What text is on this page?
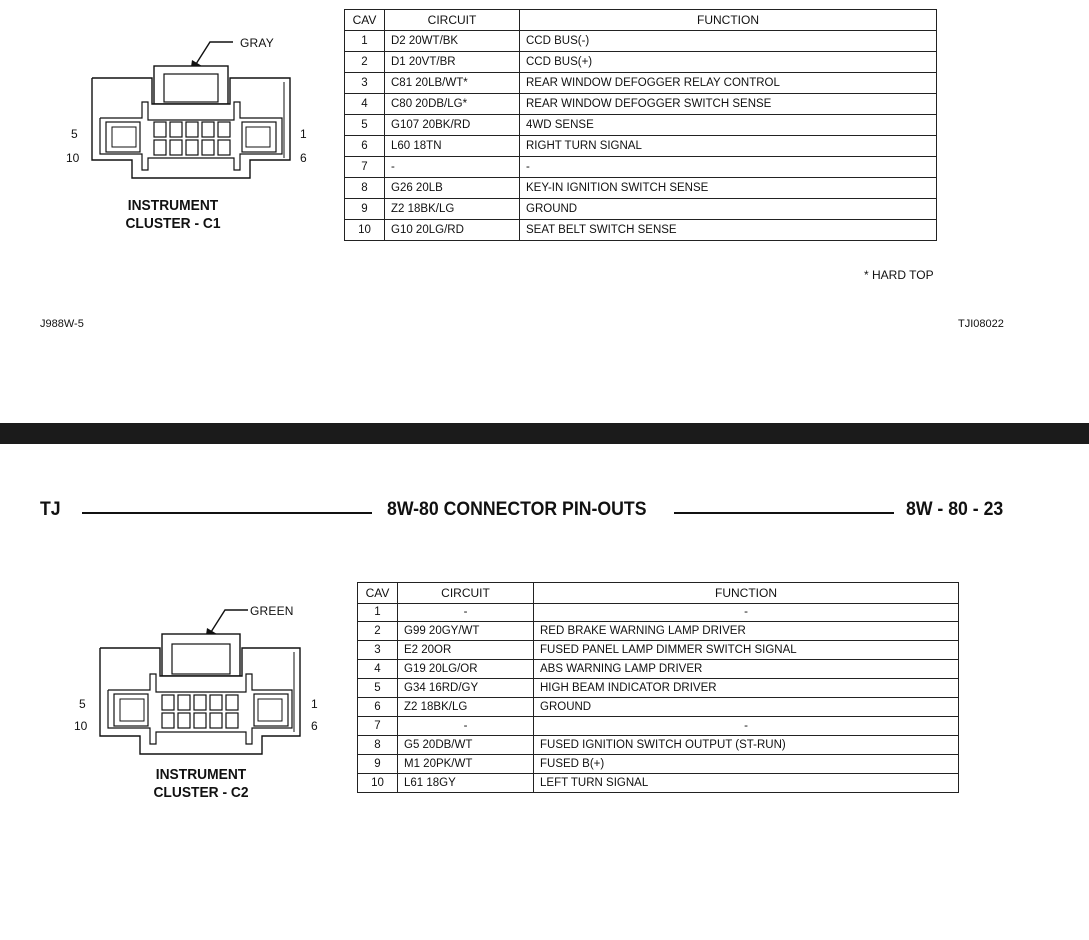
GRAY
5
10
1
6
INSTRUMENT
CLUSTER - C1
CAV	CIRCUIT	FUNCTION
1	D2 20WT/BK	CCD BUS(-)
2	D1 20VT/BR	CCD BUS(+)
3	C81 20LB/WT*	REAR WINDOW DEFOGGER RELAY CONTROL
4	C80 20DB/LG*	REAR WINDOW DEFOGGER SWITCH SENSE
5	G107 20BK/RD	4WD SENSE
6	L60 18TN	RIGHT TURN SIGNAL
7	-	-
8	G26 20LB	KEY-IN IGNITION SWITCH SENSE
9	Z2 18BK/LG	GROUND
10	G10 20LG/RD	SEAT BELT SWITCH SENSE
* HARD TOP
J988W-5	TJI08022
TJ	8W-80 CONNECTOR PIN-OUTS	8W - 80 - 23
GREEN
5
10
1
6
INSTRUMENT
CLUSTER - C2
CAV	CIRCUIT	FUNCTION
1	-	-
2	G99 20GY/WT	RED BRAKE WARNING LAMP DRIVER
3	E2 20OR	FUSED PANEL LAMP DIMMER SWITCH SIGNAL
4	G19 20LG/OR	ABS WARNING LAMP DRIVER
5	G34 16RD/GY	HIGH BEAM INDICATOR DRIVER
6	Z2 18BK/LG	GROUND
7	-	-
8	G5 20DB/WT	FUSED IGNITION SWITCH OUTPUT (ST-RUN)
9	M1 20PK/WT	FUSED B(+)
10	L61 18GY	LEFT TURN SIGNAL
